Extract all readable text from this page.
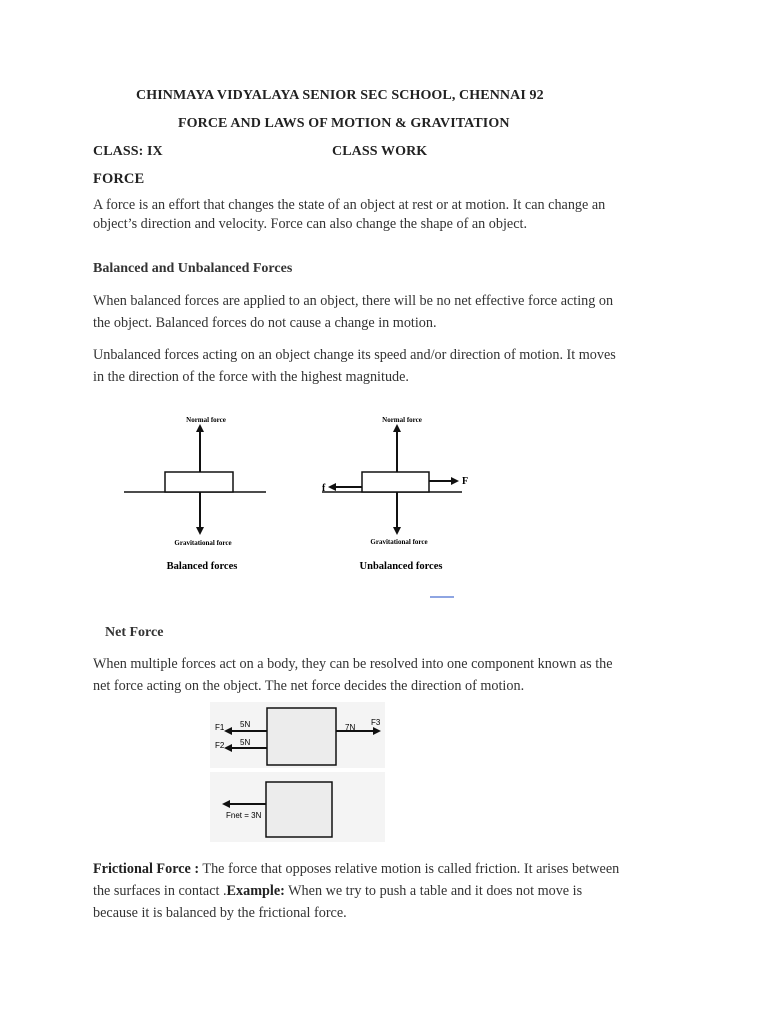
CHINMAYA VIDYALAYA SENIOR SEC SCHOOL, CHENNAI 92
FORCE AND LAWS OF MOTION & GRAVITATION
CLASS: IX	CLASS WORK
FORCE
A force is an effort that changes the state of an object at rest or at motion. It can change an
object’s direction and velocity. Force can also change the shape of an object.
Balanced and Unbalanced Forces
When balanced forces are applied to an object, there will be no net effective force acting on
the object. Balanced forces do not cause a change in motion.
Unbalanced forces acting on an object change its speed and/or direction of motion. It moves
in the direction of the force with the highest magnitude.
Normal force
Gravitational force
Balanced forces
Normal force
f
F
Gravitational force
Unbalanced forces
Net Force
When multiple forces act on a body, they can be resolved into one component known as the
net force acting on the object. The net force decides the direction of motion.
F1 5N
F2 5N
F3
7N
Fnet = 3N
Frictional Force : The force that opposes relative motion is called friction. It arises between
the surfaces in contact .Example: When we try to push a table and it does not move is
because it is balanced by the frictional force.
